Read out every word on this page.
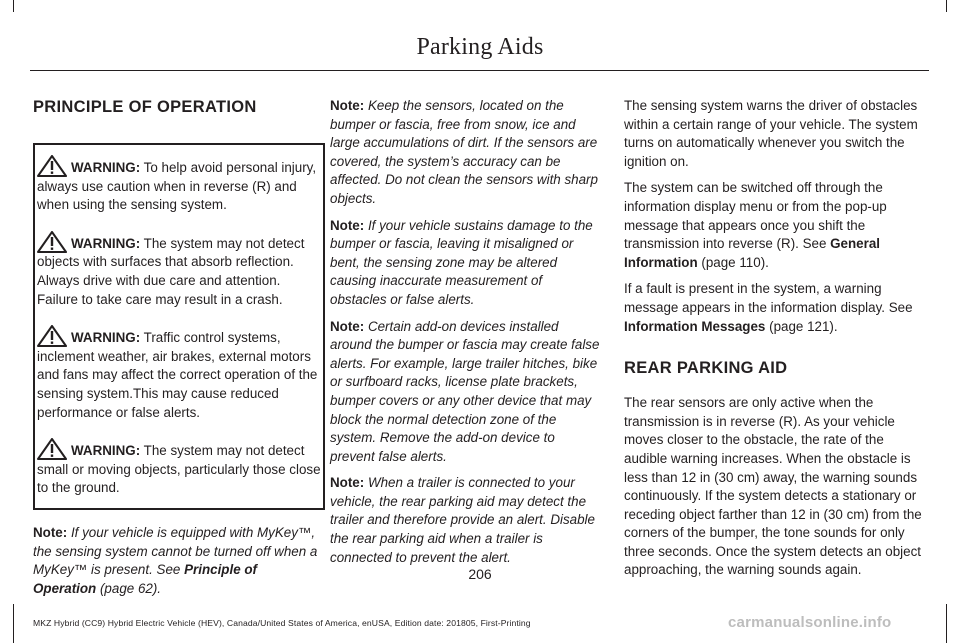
Parking Aids
PRINCIPLE OF OPERATION
WARNING: To help avoid personal injury, always use caution when in reverse (R) and when using the sensing system.
WARNING: The system may not detect objects with surfaces that absorb reflection. Always drive with due care and attention. Failure to take care may result in a crash.
WARNING: Traffic control systems, inclement weather, air brakes, external motors and fans may affect the correct operation of the sensing system.This may cause reduced performance or false alerts.
WARNING: The system may not detect small or moving objects, particularly those close to the ground.

Note: If your vehicle is equipped with MyKey™, the sensing system cannot be turned off when a MyKey™ is present. See Principle of Operation (page 62).

Note: Keep the sensors, located on the bumper or fascia, free from snow, ice and large accumulations of dirt. If the sensors are covered, the system’s accuracy can be affected. Do not clean the sensors with sharp objects.

Note: If your vehicle sustains damage to the bumper or fascia, leaving it misaligned or bent, the sensing zone may be altered causing inaccurate measurement of obstacles or false alerts.

Note: Certain add-on devices installed around the bumper or fascia may create false alerts. For example, large trailer hitches, bike or surfboard racks, license plate brackets, bumper covers or any other device that may block the normal detection zone of the system. Remove the add-on device to prevent false alerts.

Note: When a trailer is connected to your vehicle, the rear parking aid may detect the trailer and therefore provide an alert. Disable the rear parking aid when a trailer is connected to prevent the alert.

The sensing system warns the driver of obstacles within a certain range of your vehicle. The system turns on automatically whenever you switch the ignition on.

The system can be switched off through the information display menu or from the pop-up message that appears once you shift the transmission into reverse (R). See General Information (page 110).

If a fault is present in the system, a warning message appears in the information display. See Information Messages (page 121).

REAR PARKING AID

The rear sensors are only active when the transmission is in reverse (R). As your vehicle moves closer to the obstacle, the rate of the audible warning increases. When the obstacle is less than 12 in (30 cm) away, the warning sounds continuously. If the system detects a stationary or receding object farther than 12 in (30 cm) from the corners of the bumper, the tone sounds for only three seconds. Once the system detects an object approaching, the warning sounds again.

206
MKZ Hybrid (CC9) Hybrid Electric Vehicle (HEV), Canada/United States of America, enUSA, Edition date: 201805, First-Printing	carmanualsonline.info
